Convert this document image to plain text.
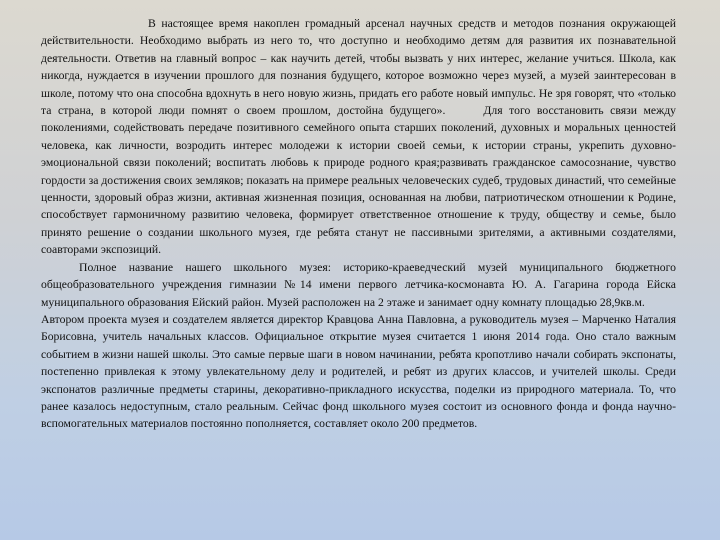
В настоящее время накоплен громадный арсенал научных средств и методов познания окружающей действительности. Необходимо выбрать из него то, что доступно и необходимо детям для развития их познавательной деятельности. Ответив на главный вопрос – как научить детей, чтобы вызвать у них интерес, желание учиться. Школа, как никогда, нуждается в изучении прошлого для познания будущего, которое возможно через музей, а музей заинтересован в школе, потому что она способна вдохнуть в него новую жизнь, придать его работе новый импульс. Не зря говорят, что «только та страна, в которой люди помнят о своем прошлом, достойна будущего».	Для того восстановить связи между поколениями, содействовать передаче позитивного семейного опыта старших поколений, духовных и моральных ценностей человека, как личности, возродить интерес молодежи к истории своей семьи, к истории страны, укрепить духовно-эмоциональной связи поколений; воспитать любовь к природе родного края;развивать гражданское самосознание, чувство гордости за достижения своих земляков; показать на примере реальных человеческих судеб, трудовых династий, что семейные ценности, здоровый образ жизни, активная жизненная позиция, основанная на любви, патриотическом отношении к Родине, способствует гармоничному развитию человека, формирует ответственное отношение к труду, обществу и семье, было принято решение о создании школьного музея, где ребята станут не пассивными зрителями, а активными создателями, соавторами экспозиций.

Полное название нашего школьного музея: историко-краеведческий музей муниципального бюджетного общеобразовательного учреждения гимназии №14 имени первого летчика-космонавта Ю. А. Гагарина города Ейска муниципального образования Ейский район. Музей расположен на 2 этаже и занимает одну комнату площадью 28,9кв.м.

Автором проекта музея и создателем является директор Кравцова Анна Павловна, а руководитель музея – Марченко Наталия Борисовна, учитель начальных классов. Официальное открытие музея считается 1 июня 2014 года. Оно стало важным событием в жизни нашей школы. Это самые первые шаги в новом начинании, ребята кропотливо начали собирать экспонаты, постепенно привлекая к этому увлекательному делу и родителей, и ребят из других классов, и учителей школы. Среди экспонатов различные предметы старины, декоративно-прикладного искусства, поделки из природного материала. То, что ранее казалось недоступным, стало реальным. Сейчас фонд школьного музея состоит из основного фонда и фонда научно-вспомогательных материалов постоянно пополняется, составляет около 200 предметов.
